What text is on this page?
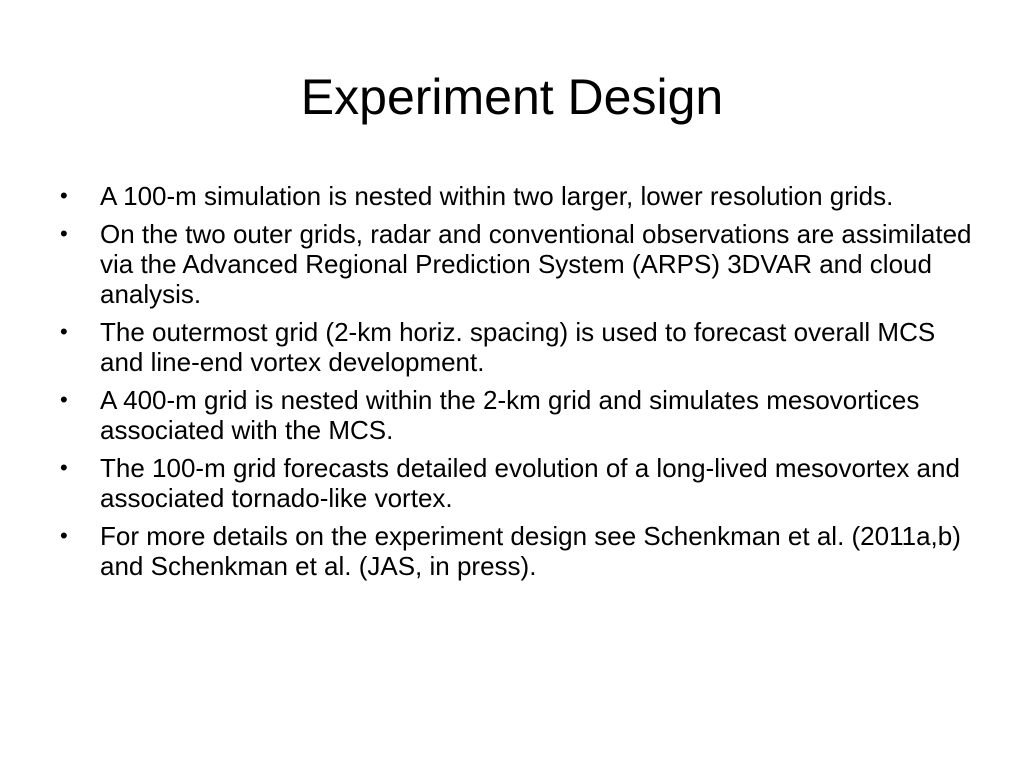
Experiment Design
• A 100-m simulation is nested within two larger, lower resolution grids.
• On the two outer grids, radar and conventional observations are assimilated via the Advanced Regional Prediction System (ARPS) 3DVAR and cloud analysis.
• The outermost grid (2-km horiz. spacing) is used to forecast overall MCS and line-end vortex development.
• A 400-m grid is nested within the 2-km grid and simulates mesovortices associated with the MCS.
• The 100-m grid forecasts detailed evolution of a long-lived mesovortex and associated tornado-like vortex.
• For more details on the experiment design see Schenkman et al. (2011a,b) and Schenkman et al. (JAS, in press).
